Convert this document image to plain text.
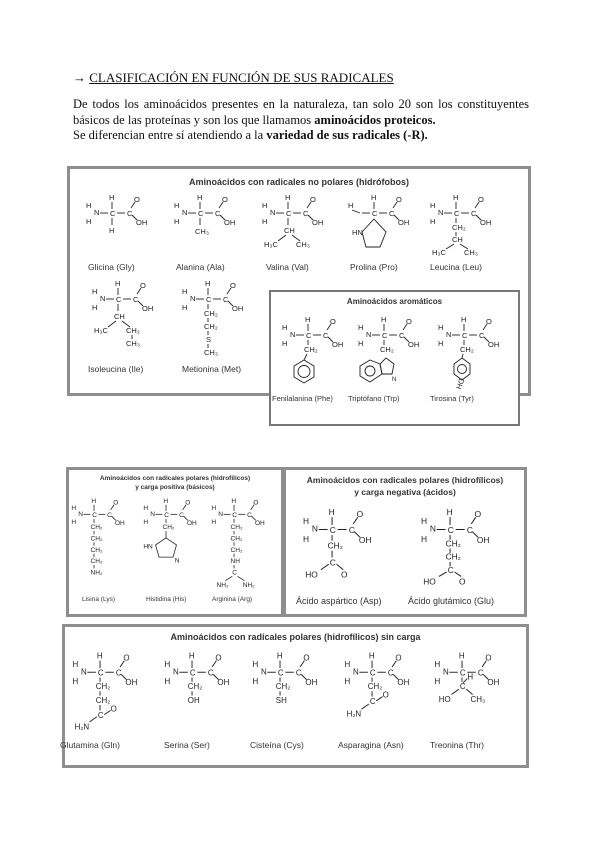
→ CLASIFICACIÓN EN FUNCIÓN DE SUS RADICALES
De todos los aminoácidos presentes en la naturaleza, tan solo 20 son los constituyentes básicos de las proteínas y son los que llamamos aminoácidos proteicos.
Se diferencian entre sí atendiendo a la variedad de sus radicales (-R).
Aminoácidos con radicales no polares (hidrófobos)
Aminoácidos aromáticos
Aminoácidos con radicales polares (hidrofílicos)
y carga positiva (básicos)
Aminoácidos con radicales polares (hidrofílicos)
y carga negativa (ácidos)
Aminoácidos con radicales polares (hidrofílicos) sin carga
H
N
H
C C
O
OH
H
H
Glicina (Gly)
H
N
H
C C
O
OH
H
CH₃
Alanina (Ala)
H
N
H
C C
O
OH
H
CH
H₃C CH₃
Valina (Val)
H
C C
O
OH
H
HN
Prolina (Pro)
H
N
H
C C
O
OH
H
CH₂
CH
H₃C CH₃
Leucina (Leu)
H
N
H
C C
O
OH
H
CH
H₃C CH₂
CH₃
Isoleucina (Ile)
H
N
H
C C
O
OH
H
CH₂
CH₂
S
CH₃
Metionina (Met)
H
N
H
C C
O
OH
H
CH₂
Fenilalanina (Phe)
H
N
H
C C
O
OH
H
CH₂
N
Triptófano (Trp)
H
N
H
C C
O
OH
H
CH₂
HO
Tirosina (Tyr)
H
N
H
C C
O
OH
H
CH₂
CH₂
CH₂
CH₂
NH₂
Lisina (Lys)
H
N
H
C C
O
OH
H
CH₂
HN
N
Histidina (His)
H
N
H
C C
O
OH
H
CH₂
CH₂
CH₂
NH
C
NH₂ NH₂
Arginina (Arg)
H
N
H
C C
O
OH
H
CH₂
C
O
HO
Ácido aspártico (Asp)
H
N
H
C C
O
OH
H
CH₂
CH₂
C
O
HO
Ácido glutámico (Glu)
H
N
H
C C
O
OH
H
CH₂
CH₂
C
O
H₂N
Glutamina (Gln)
H
N
H
C C
O
OH
H
CH₂
OH
Serina (Ser)
H
N
H
C C
O
OH
H
CH₂
SH
Cisteína (Cys)
H
N
H
C C
O
OH
H
CH₂
C
O
H₂N
Asparagina (Asn)
H
N
H
C C
O
OH
H
C
H
HO	CH₃
Treonina (Thr)
